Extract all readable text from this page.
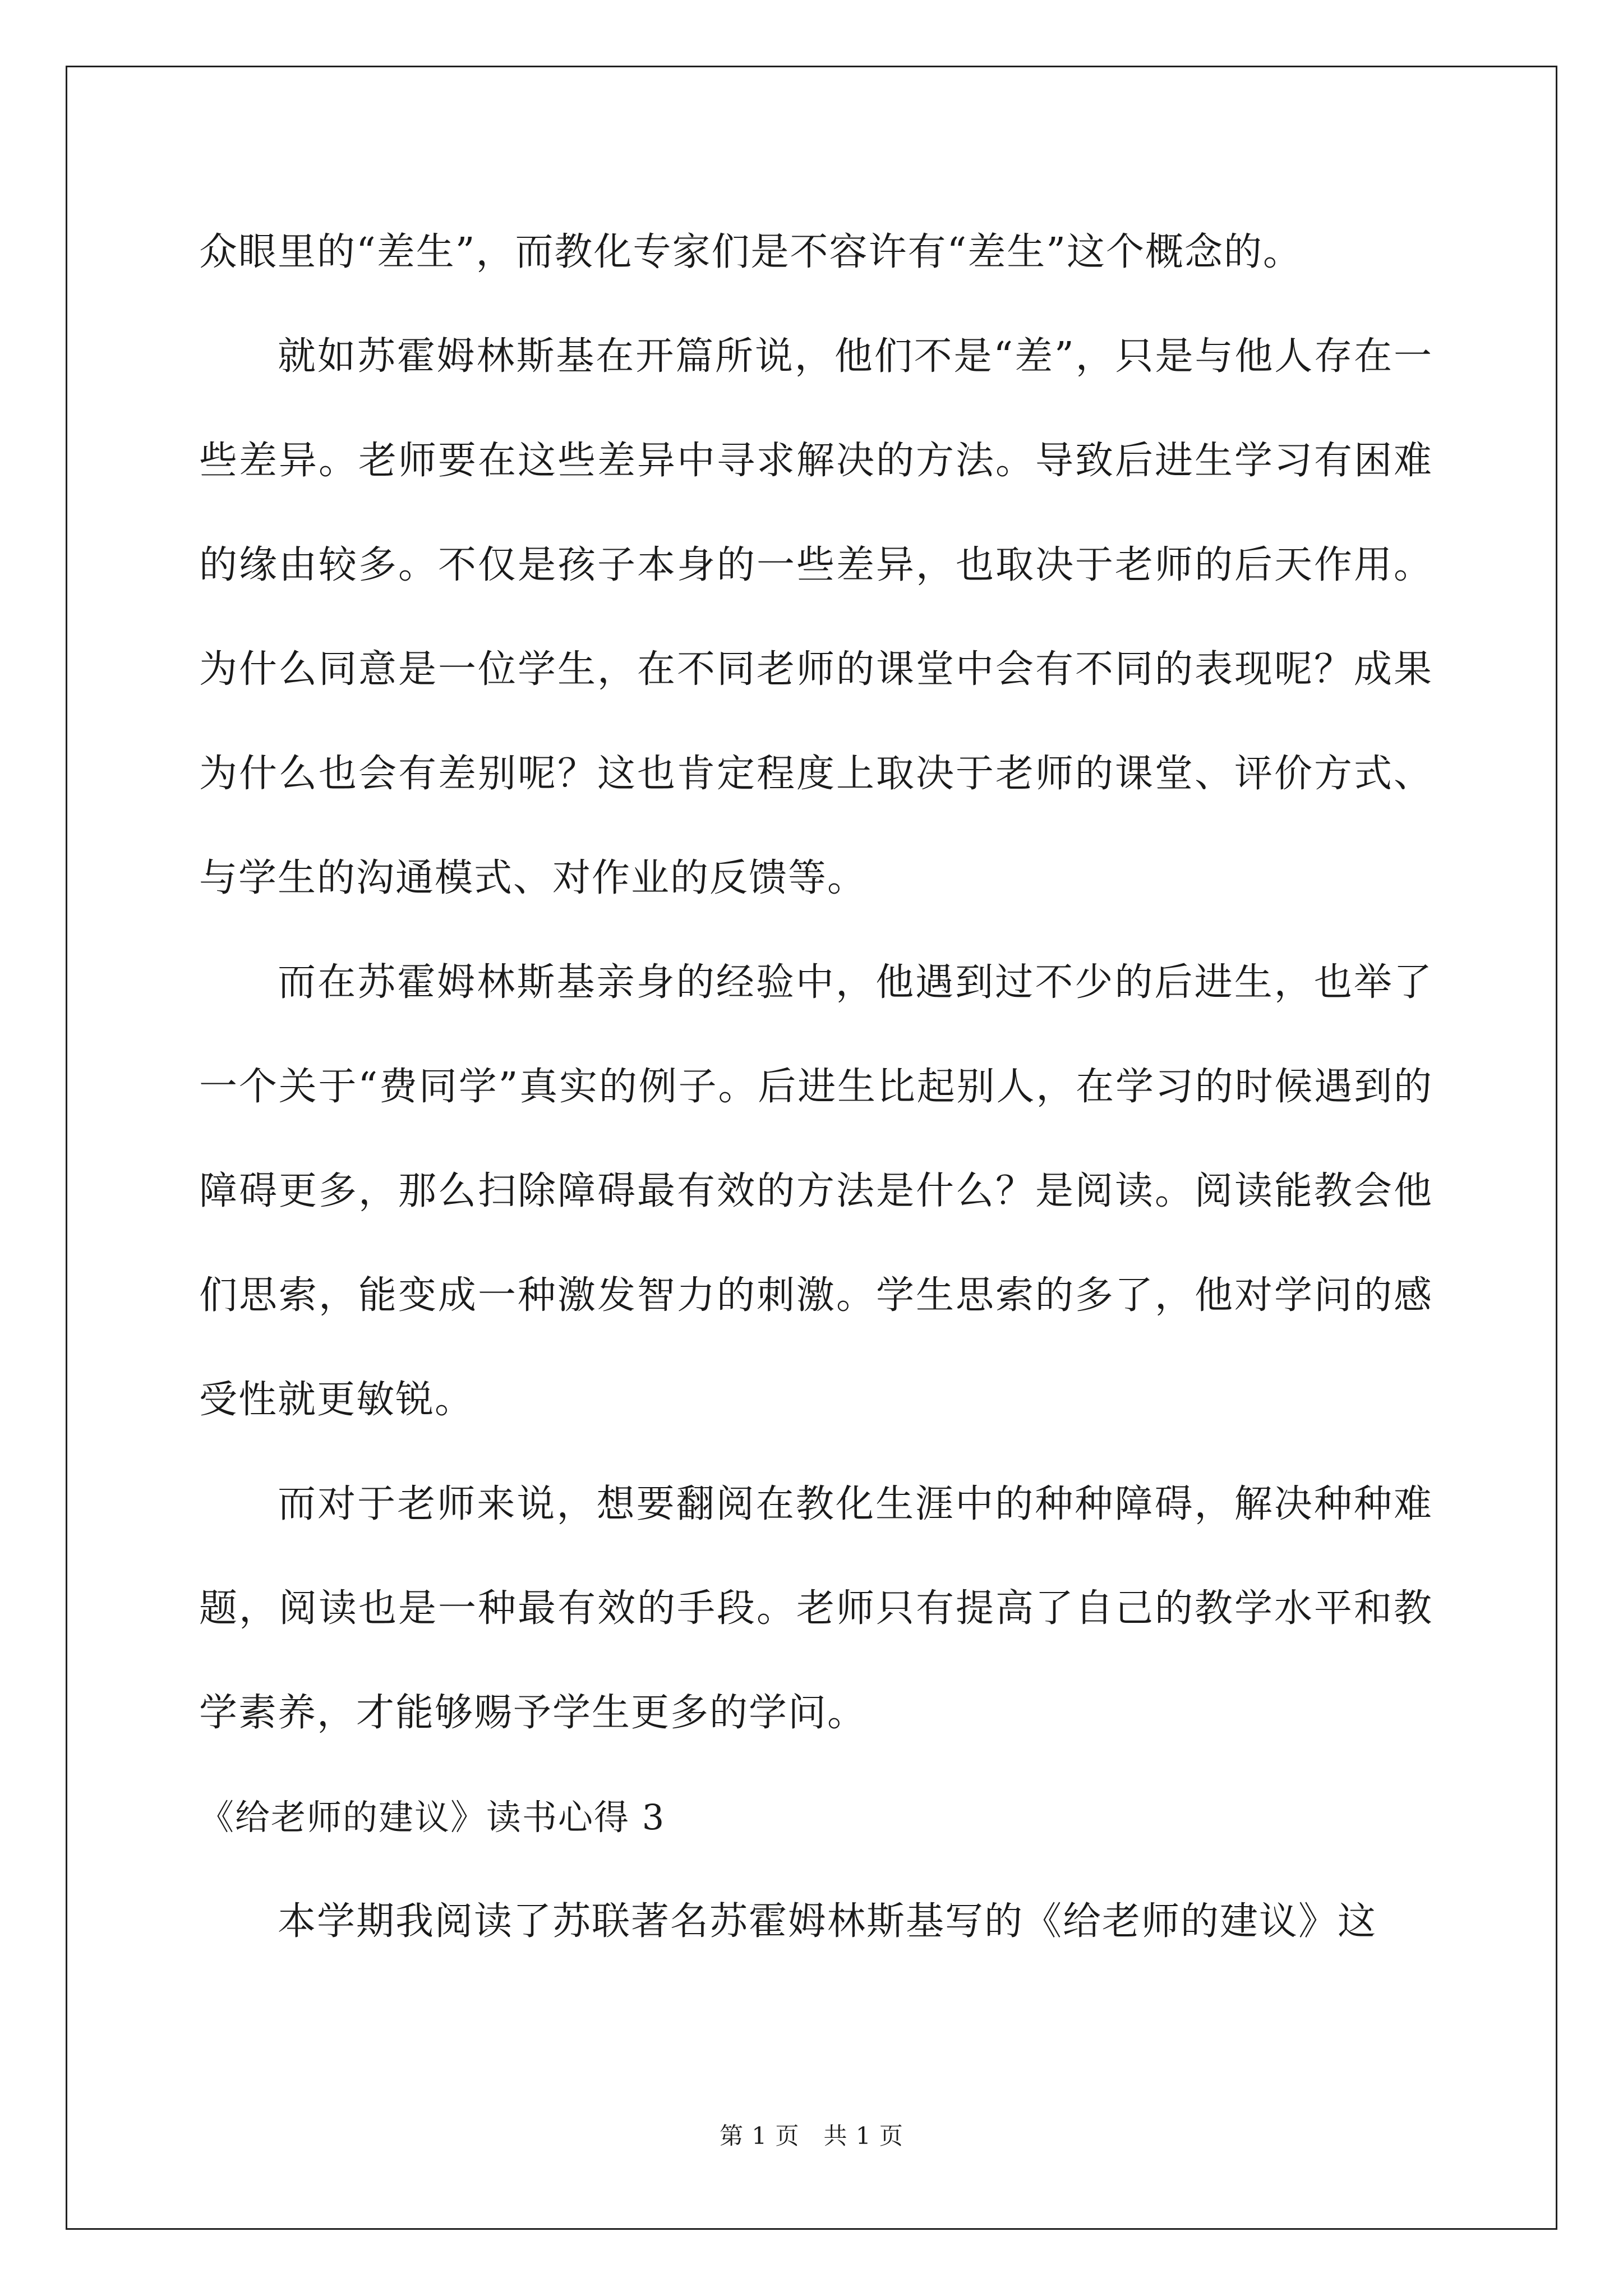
众眼里的“差生”，而教化专家们是不容许有“差生”这个概念的。

就如苏霍姆林斯基在开篇所说，他们不是“差”，只是与他人存在一些差异。老师要在这些差异中寻求解决的方法。导致后进生学习有困难的缘由较多。不仅是孩子本身的一些差异，也取决于老师的后天作用。为什么同意是一位学生，在不同老师的课堂中会有不同的表现呢？成果为什么也会有差别呢？这也肯定程度上取决于老师的课堂、评价方式、与学生的沟通模式、对作业的反馈等。

而在苏霍姆林斯基亲身的经验中，他遇到过不少的后进生，也举了一个关于“费同学”真实的例子。后进生比起别人，在学习的时候遇到的障碍更多，那么扫除障碍最有效的方法是什么？是阅读。阅读能教会他们思索，能变成一种激发智力的刺激。学生思索的多了，他对学问的感受性就更敏锐。

而对于老师来说，想要翻阅在教化生涯中的种种障碍，解决种种难题，阅读也是一种最有效的手段。老师只有提高了自己的教学水平和教学素养，才能够赐予学生更多的学问。

《给老师的建议》读书心得 3

本学期我阅读了苏联著名苏霍姆林斯基写的《给老师的建议》这

第 1 页　共 1 页
